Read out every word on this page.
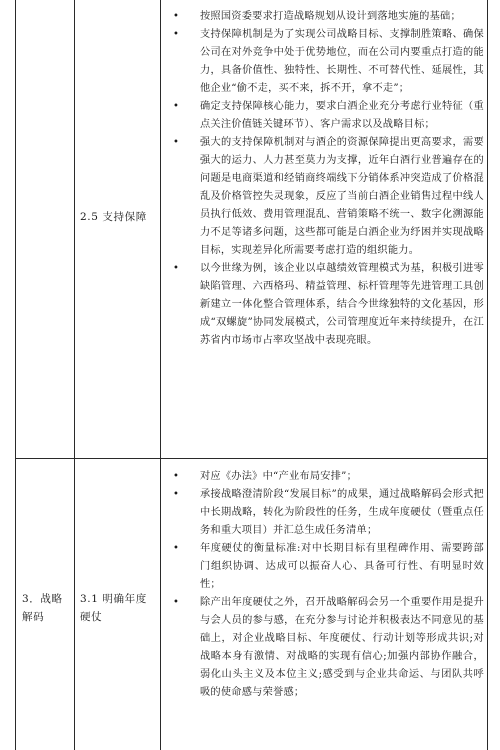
2.5 支持保障
• 按照国资委要求打造战略规划从设计到落地实施的基础；
• 支持保障机制是为了实现公司战略目标、支撑制胜策略、确保公司在对外竞争中处于优势地位，而在公司内要重点打造的能力，具备价值性、独特性、长期性、不可替代性、延展性，其他企业“偷不走，买不来，拆不开，拿不走”；
• 确定支持保障核心能力，要求白酒企业充分考虑行业特征（重点关注价值链关键环节）、客户需求以及战略目标；
• 强大的支持保障机制对与酒企的资源保障提出更高要求，需要强大的运力、人力甚至莫力为支撑，近年白酒行业普遍存在的问题是电商渠道和经销商终端线下分销体系冲突造成了价格混乱及价格管控失灵现象，反应了当前白酒企业销售过程中线人员执行低效、费用管理混乱、营销策略不统一、数字化溯源能力不足等诸多问题，这些都可能是白酒企业为纾困并实现战略目标，实现差异化所需要考虑打造的组织能力。
• 以今世缘为例，该企业以卓越绩效管理模式为基，积极引进零缺陷管理、六西格玛、精益管理、标杆管理等先进管理工具创新建立一体化整合管理体系，结合今世缘独特的文化基因，形成“双螺旋”协同发展模式，公司管理度近年来持续提升，在江苏省内市场市占率攻坚战中表现亮眼。
3．战略解码
3.1 明确年度硬仗
• 对应《办法》中“产业布局安排”；
• 承接战略澄清阶段“发展目标”的成果，通过战略解码会形式把中长期战略，转化为阶段性的任务，生成年度硬仗（暨重点任务和重大项目）并汇总生成任务清单；
• 年度硬仗的衡量标准:对中长期目标有里程碑作用、需要跨部门组织协调、达成可以振奋人心、具备可行性、有明显时效性；
• 除产出年度硬仗之外，召开战略解码会另一个重要作用是提升与会人员的参与感，在充分参与讨论并积极表达不同意见的基础上，对企业战略目标、年度硬仗、行动计划等形成共识;对战略本身有激情、对战略的实现有信心;加强内部协作融合，弱化山头主义及本位主义;感受到与企业共命运、与团队共呼吸的使命感与荣誉感；
